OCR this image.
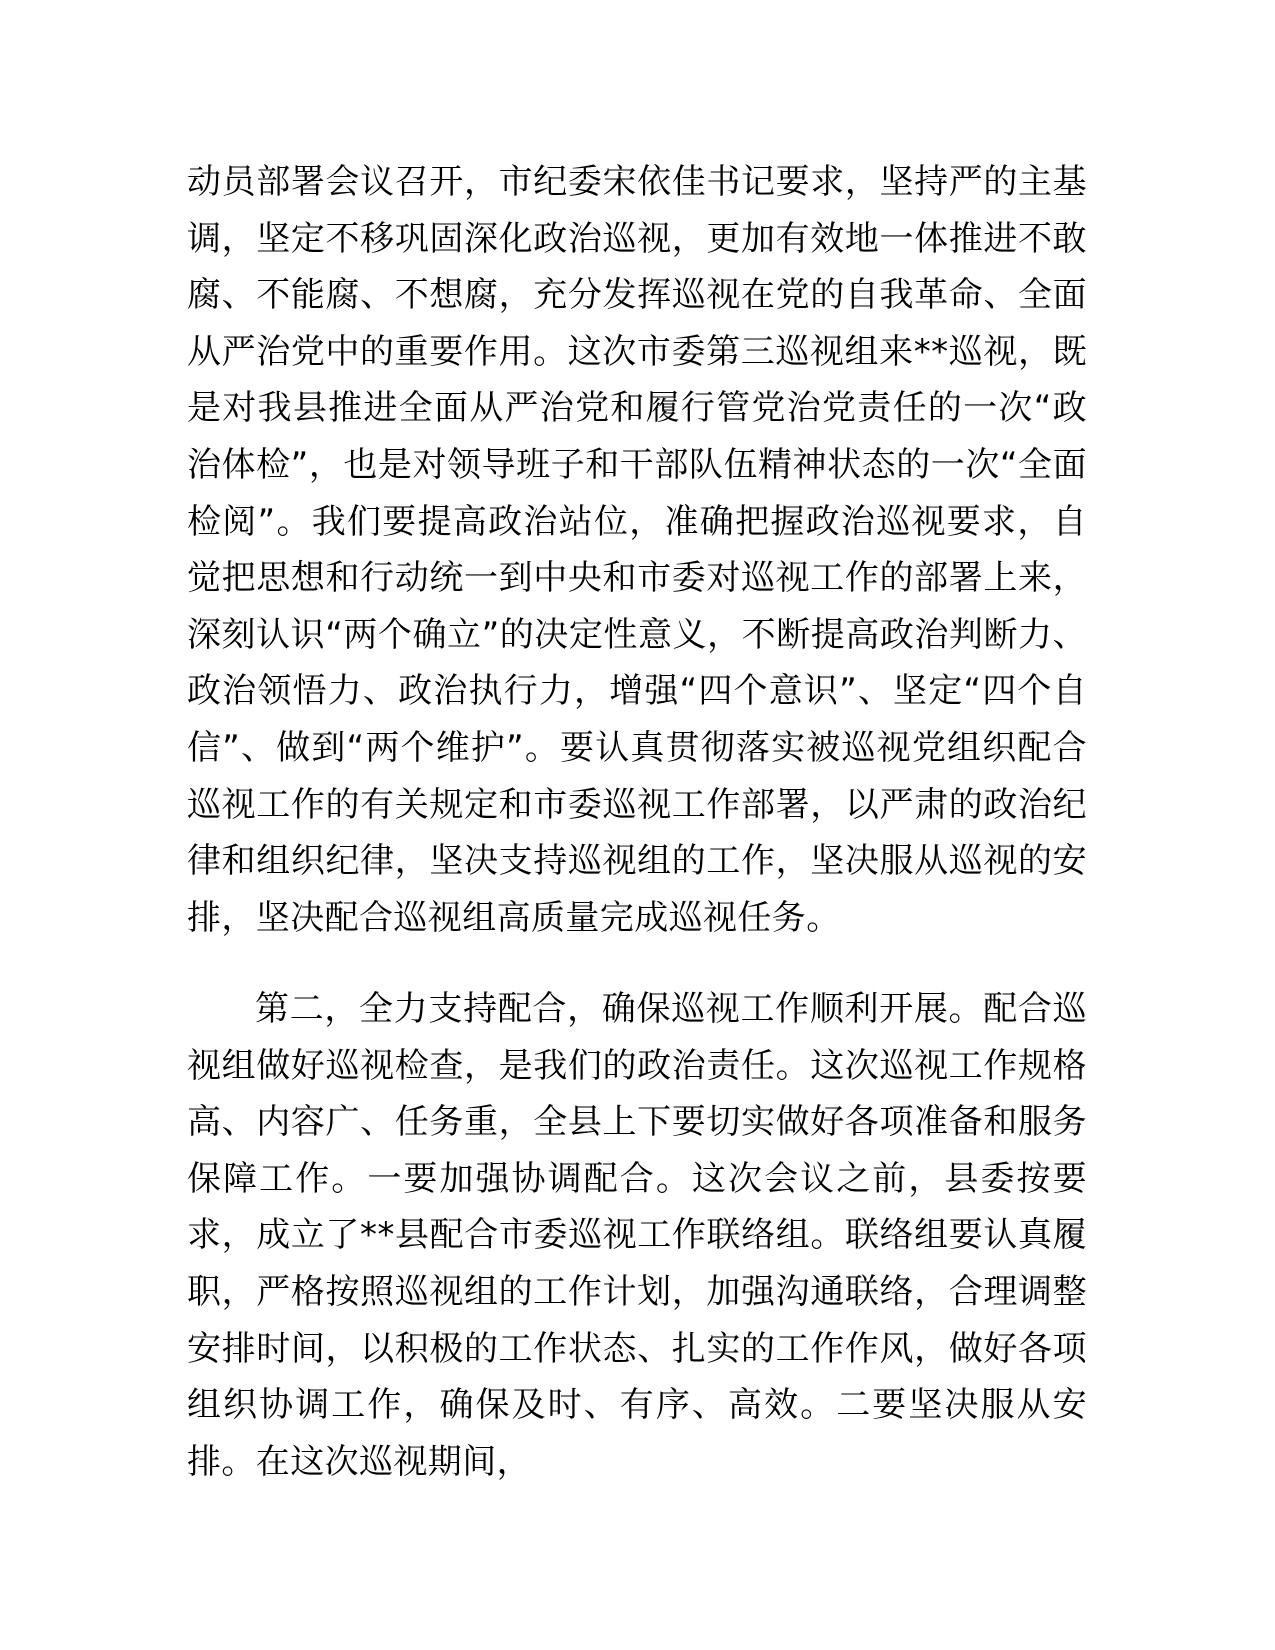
动员部署会议召开，市纪委宋依佳书记要求，坚持严的主基调，坚定不移巩固深化政治巡视，更加有效地一体推进不敢腐、不能腐、不想腐，充分发挥巡视在党的自我革命、全面从严治党中的重要作用。这次市委第三巡视组来**巡视，既是对我县推进全面从严治党和履行管党治党责任的一次“政治体检”，也是对领导班子和干部队伍精神状态的一次“全面检阅”。我们要提高政治站位，准确把握政治巡视要求，自觉把思想和行动统一到中央和市委对巡视工作的部署上来，深刻认识“两个确立”的决定性意义，不断提高政治判断力、政治领悟力、政治执行力，增强“四个意识”、坚定“四个自信”、做到“两个维护”。要认真贯彻落实被巡视党组织配合巡视工作的有关规定和市委巡视工作部署，以严肃的政治纪律和组织纪律，坚决支持巡视组的工作，坚决服从巡视的安排，坚决配合巡视组高质量完成巡视任务。

第二，全力支持配合，确保巡视工作顺利开展。配合巡视组做好巡视检查，是我们的政治责任。这次巡视工作规格高、内容广、任务重，全县上下要切实做好各项准备和服务保障工作。一要加强协调配合。这次会议之前，县委按要求，成立了**县配合市委巡视工作联络组。联络组要认真履职，严格按照巡视组的工作计划，加强沟通联络，合理调整安排时间，以积极的工作状态、扎实的工作作风，做好各项组织协调工作，确保及时、有序、高效。二要坚决服从安排。在这次巡视期间，
